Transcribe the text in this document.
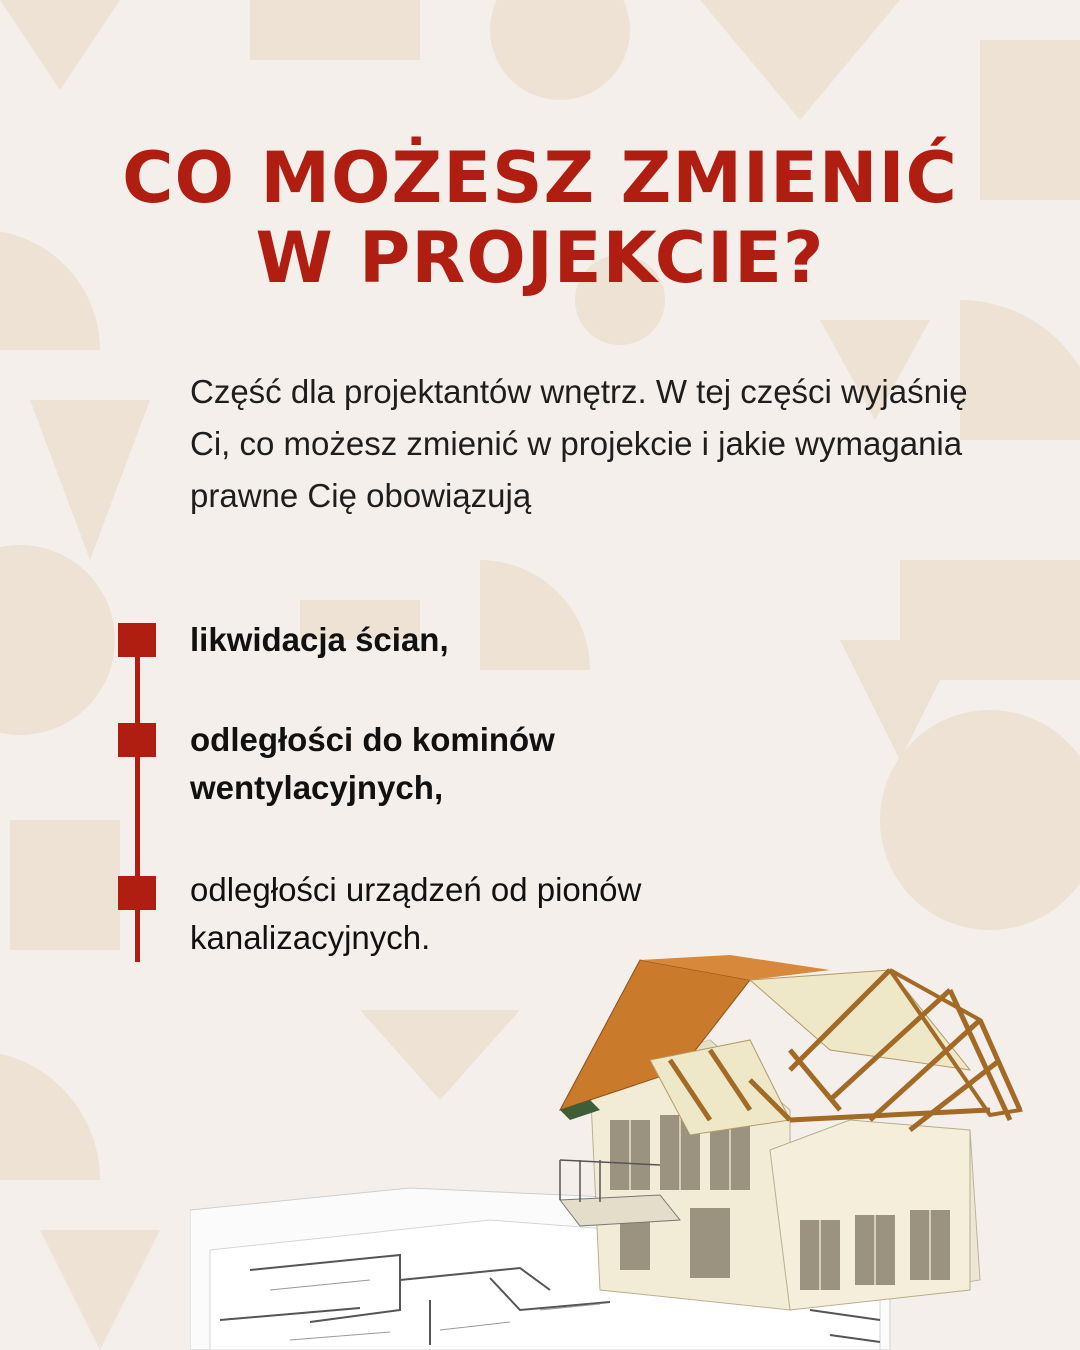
CO MOŻESZ ZMIENIĆ
W PROJEKCIE?
Część dla projektantów wnętrz. W tej części wyjaśnię Ci, co możesz zmienić w projekcie i jakie wymagania prawne Cię obowiązują
likwidacja ścian,
odległości do kominów wentylacyjnych,
odległości urządzeń od pionów kanalizacyjnych.
